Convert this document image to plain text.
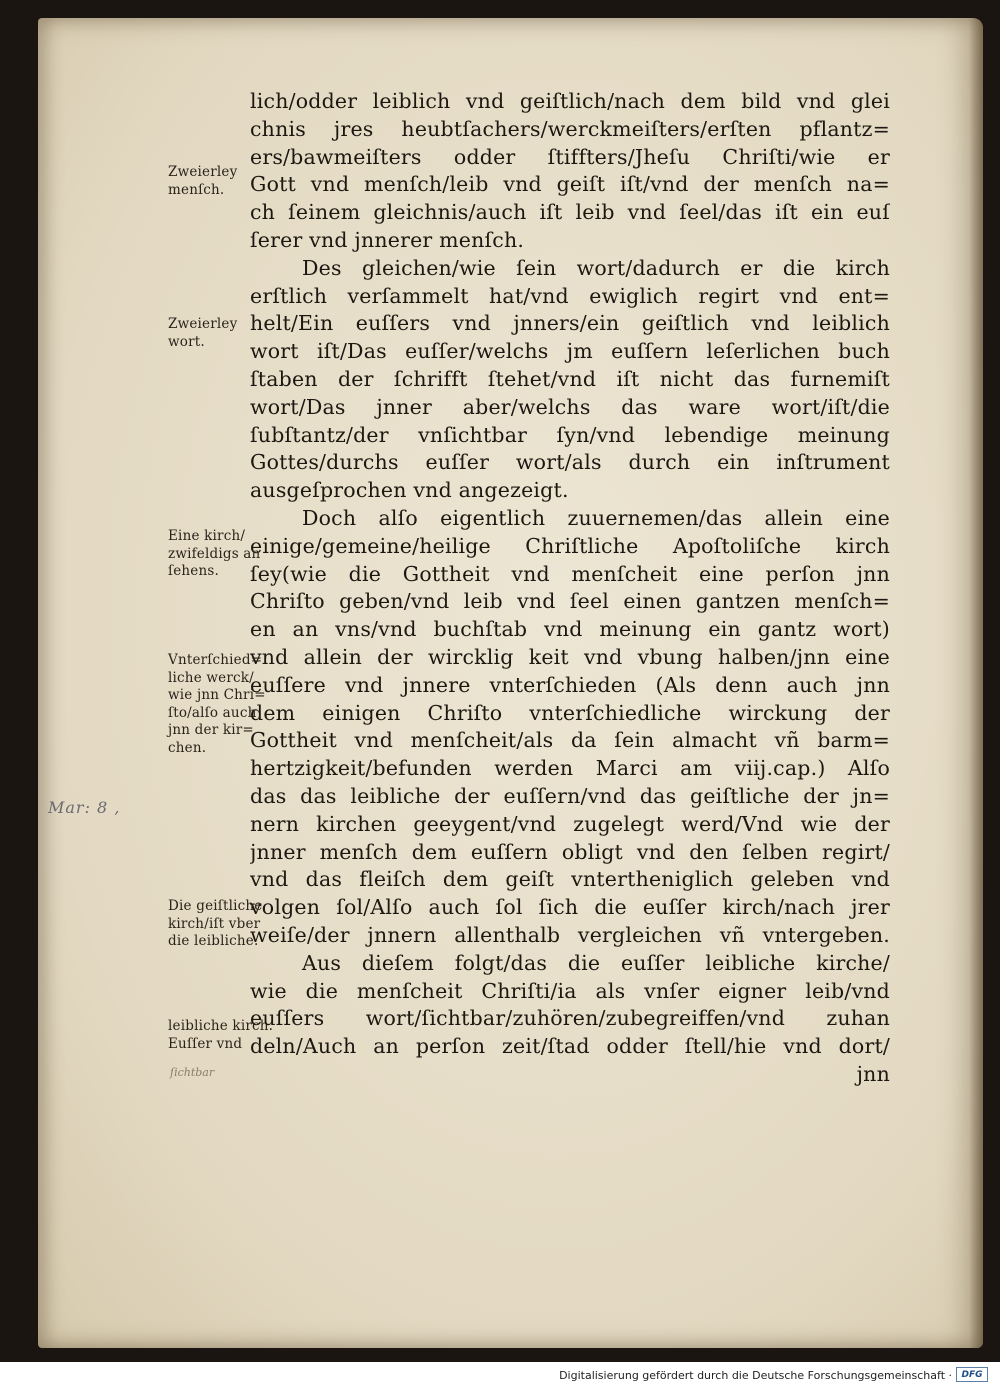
lich/odder leiblich vnd geiſtlich/nach dem bild vnd glei
chnis jres heubtſachers/werckmeiſters/erſten pflantz=
ers/bawmeiſters odder ſtiffters/Jheſu Chriſti/wie er
Gott vnd menſch/leib vnd geiſt iſt/vnd der menſch na=
ch ſeinem gleichnis/auch iſt leib vnd ſeel/das iſt ein euſ
ſerer vnd jnnerer menſch.
Des gleichen/wie ſein wort/dadurch er die kirch
erſtlich verſammelt hat/vnd ewiglich regirt vnd ent=
helt/Ein euſſers vnd jnners/ein geiſtlich vnd leiblich
wort iſt/Das euſſer/welchs jm euſſern leſerlichen buch
ſtaben der ſchrifft ſtehet/vnd iſt nicht das furnemiſt
wort/Das jnner aber/welchs das ware wort/iſt/die
ſubſtantz/der vnſichtbar ſyn/vnd lebendige meinung
Gottes/durchs euſſer wort/als durch ein inſtrument
ausgeſprochen vnd angezeigt.
Doch alſo eigentlich zuuernemen/das allein eine
einige/gemeine/heilige Chriſtliche Apoſtoliſche kirch
ſey(wie die Gottheit vnd menſcheit eine perſon jnn
Chriſto geben/vnd leib vnd ſeel einen gantzen menſch=
en an vns/vnd buchſtab vnd meinung ein gantz wort)
vnd allein der wircklig keit vnd vbung halben/jnn eine
euſſere vnd jnnere vnterſchieden (Als denn auch jnn
dem einigen Chriſto vnterſchiedliche wirckung der
Gottheit vnd menſcheit/als da ſein almacht vñ barm=
hertzigkeit/befunden werden Marci am viij.cap.) Alſo
das das leibliche der euſſern/vnd das geiſtliche der jn=
nern kirchen geeygent/vnd zugelegt werd/Vnd wie der
jnner menſch dem euſſern obligt vnd den ſelben regirt/
vnd das fleiſch dem geiſt vntertheniglich geleben vnd
volgen ſol/Alſo auch ſol ſich die euſſer kirch/nach jrer
weiſe/der jnnern allenthalb vergleichen vñ vntergeben.
Aus dieſem folgt/das die euſſer leibliche kirche/
wie die menſcheit Chriſti/ia als vnſer eigner leib/vnd
euſſers wort/ſichtbar/zuhören/zubegreiffen/vnd zuhan
deln/Auch an perſon zeit/ſtad odder ſtell/hie vnd dort/
jnn
Zweierley
menſch.
Zweierley
wort.
Eine kirch/
zwifeldigs an
ſehens.
Vnterſchied=
liche werck/
wie jnn Chri=
ſto/alſo auch
jnn der kir=
chen.
Die geiſtliche
kirch/iſt vber
die leibliche.
leibliche kirch.
Euſſer vnd
Mar: 8 ,
ſichtbar
Digitalisierung gefördert durch die Deutsche Forschungsgemeinschaft ·	DFG
